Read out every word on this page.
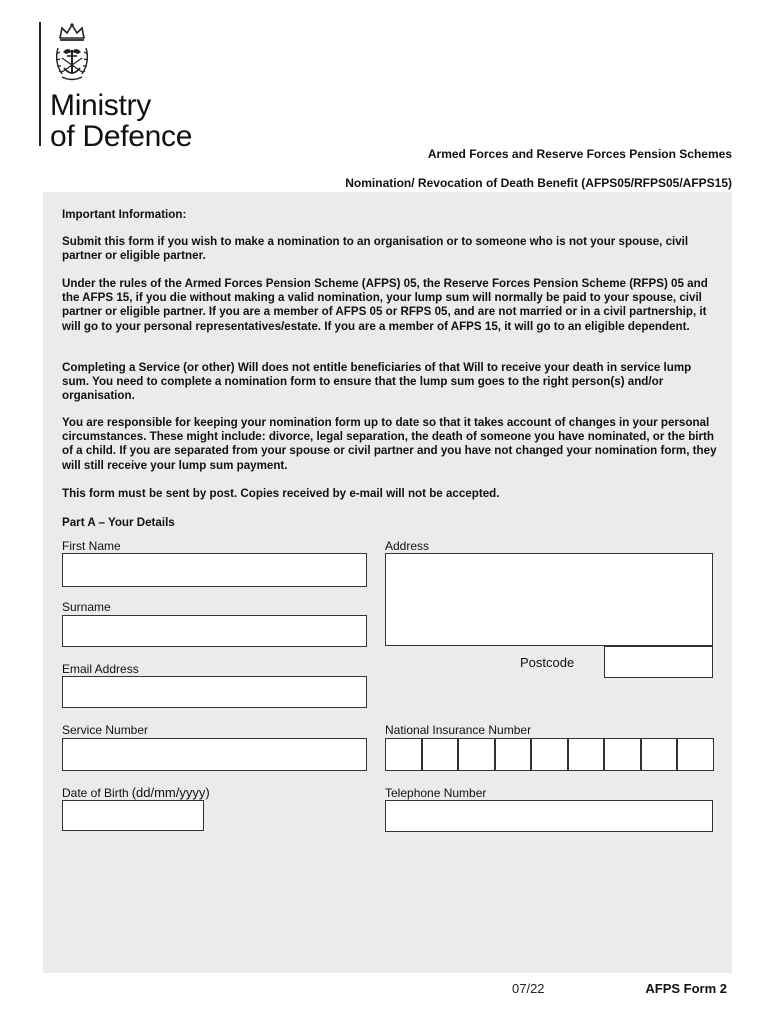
Ministry
of Defence
Armed Forces and Reserve Forces Pension Schemes
Nomination/ Revocation of Death Benefit (AFPS05/RFPS05/AFPS15)
Important Information:
Submit this form if you wish to make a nomination to an organisation or to someone who is not your spouse, civil partner or eligible partner.
Under the rules of the Armed Forces Pension Scheme (AFPS) 05, the Reserve Forces Pension Scheme (RFPS) 05 and the AFPS 15, if you die without making a valid nomination, your lump sum will normally be paid to your spouse, civil partner or eligible partner. If you are a member of AFPS 05 or RFPS 05, and are not married or in a civil partnership, it will go to your personal representatives/estate. If you are a member of AFPS 15, it will go to an eligible dependent.
Completing a Service (or other) Will does not entitle beneficiaries of that Will to receive your death in service lump sum. You need to complete a nomination form to ensure that the lump sum goes to the right person(s) and/or organisation.
You are responsible for keeping your nomination form up to date so that it takes account of changes in your personal circumstances. These might include: divorce, legal separation, the death of someone you have nominated, or the birth of a child. If you are separated from your spouse or civil partner and you have not changed your nomination form, they will still receive your lump sum payment.
This form must be sent by post. Copies received by e-mail will not be accepted.
Part A – Your Details
First Name
Surname
Email Address
Service Number
Date of Birth (dd/mm/yyyy)
Address
Postcode
National Insurance Number
Telephone Number
07/22	AFPS Form 2
